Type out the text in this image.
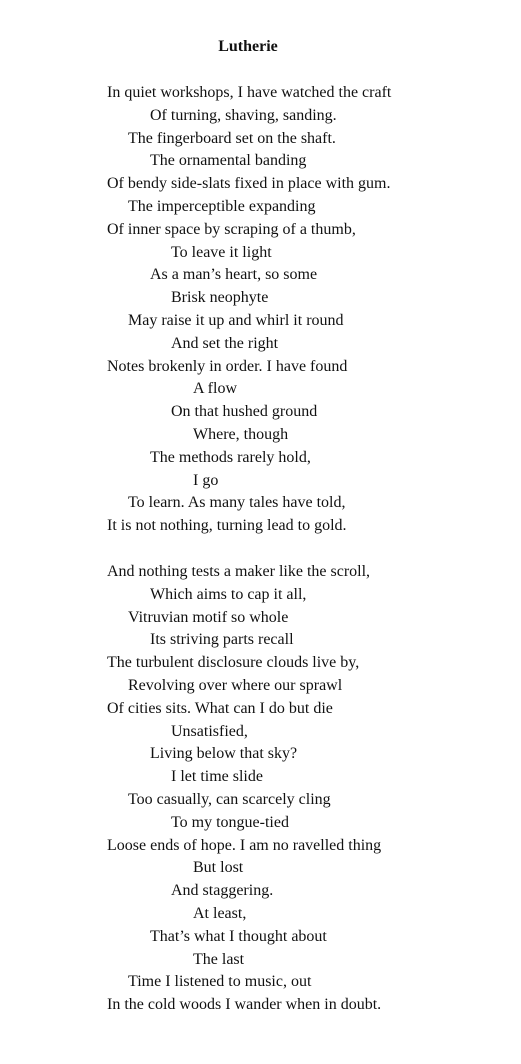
Lutherie
In quiet workshops, I have watched the craft
Of turning, shaving, sanding.
The fingerboard set on the shaft.
The ornamental banding
Of bendy side-slats fixed in place with gum.
The imperceptible expanding
Of inner space by scraping of a thumb,
To leave it light
As a man’s heart, so some
Brisk neophyte
May raise it up and whirl it round
And set the right
Notes brokenly in order. I have found
A flow
On that hushed ground
Where, though
The methods rarely hold,
I go
To learn. As many tales have told,
It is not nothing, turning lead to gold.
And nothing tests a maker like the scroll,
Which aims to cap it all,
Vitruvian motif so whole
Its striving parts recall
The turbulent disclosure clouds live by,
Revolving over where our sprawl
Of cities sits. What can I do but die
Unsatisfied,
Living below that sky?
I let time slide
Too casually, can scarcely cling
To my tongue-tied
Loose ends of hope. I am no ravelled thing
But lost
And staggering.
At least,
That’s what I thought about
The last
Time I listened to music, out
In the cold woods I wander when in doubt.
